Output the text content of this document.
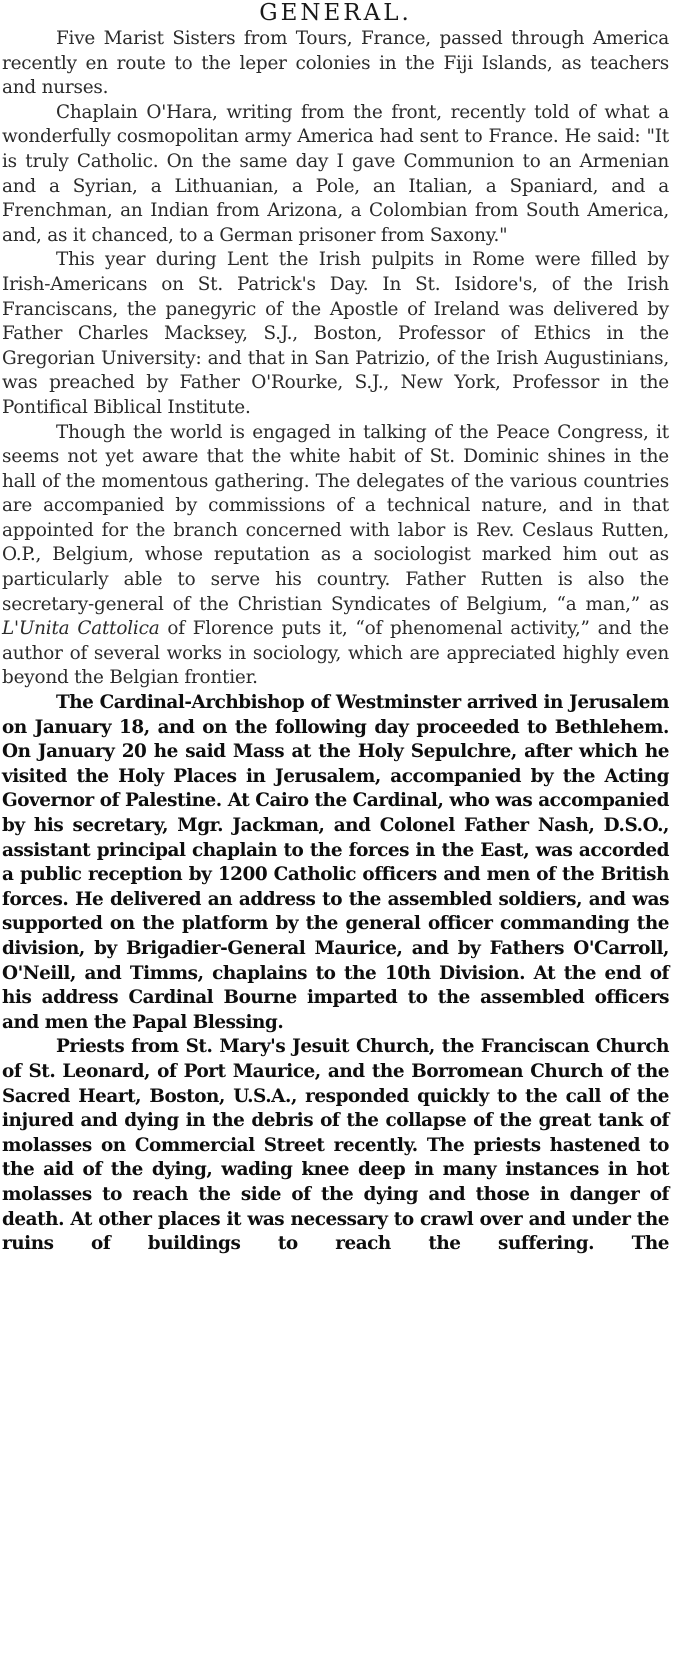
GENERAL.

Five Marist Sisters from Tours, France, passed through America recently en route to the leper colonies in the Fiji Islands, as teachers and nurses.

Chaplain O'Hara, writing from the front, recently told of what a wonderfully cosmopolitan army America had sent to France. He said: "It is truly Catholic. On the same day I gave Communion to an Armenian and a Syrian, a Lithuanian, a Pole, an Italian, a Spaniard, and a Frenchman, an Indian from Arizona, a Colombian from South America, and, as it chanced, to a German prisoner from Saxony."

This year during Lent the Irish pulpits in Rome were filled by Irish-Americans on St. Patrick's Day. In St. Isidore's, of the Irish Franciscans, the panegyric of the Apostle of Ireland was delivered by Father Charles Macksey, S.J., Boston, Professor of Ethics in the Gregorian University: and that in San Patrizio, of the Irish Augustinians, was preached by Father O'Rourke, S.J., New York, Professor in the Pontifical Biblical Institute.

Though the world is engaged in talking of the Peace Congress, it seems not yet aware that the white habit of St. Dominic shines in the hall of the momentous gathering. The delegates of the various countries are accompanied by commissions of a technical nature, and in that appointed for the branch concerned with labor is Rev. Ceslaus Rutten, O.P., Belgium, whose reputation as a sociologist marked him out as particularly able to serve his country. Father Rutten is also the secretary-general of the Christian Syndicates of Belgium, “a man,” as L'Unita Cattolica of Florence puts it, “of phenomenal activity,” and the author of several works in sociology, which are appreciated highly even beyond the Belgian frontier.

The Cardinal-Archbishop of Westminster arrived in Jerusalem on January 18, and on the following day proceeded to Bethlehem. On January 20 he said Mass at the Holy Sepulchre, after which he visited the Holy Places in Jerusalem, accompanied by the Acting Governor of Palestine. At Cairo the Cardinal, who was accompanied by his secretary, Mgr. Jackman, and Colonel Father Nash, D.S.O., assistant principal chaplain to the forces in the East, was accorded a public reception by 1200 Catholic officers and men of the British forces. He delivered an address to the assembled soldiers, and was supported on the platform by the general officer commanding the division, by Brigadier-General Maurice, and by Fathers O'Carroll, O'Neill, and Timms, chaplains to the 10th Division. At the end of his address Cardinal Bourne imparted to the assembled officers and men the Papal Blessing.

Priests from St. Mary's Jesuit Church, the Franciscan Church of St. Leonard, of Port Maurice, and the Borromean Church of the Sacred Heart, Boston, U.S.A., responded quickly to the call of the injured and dying in the debris of the collapse of the great tank of molasses on Commercial Street recently. The priests hastened to the aid of the dying, wading knee deep in many instances in hot molasses to reach the side of the dying and those in danger of death. At other places it was necessary to crawl over and under the ruins of buildings to reach the suffering. The
